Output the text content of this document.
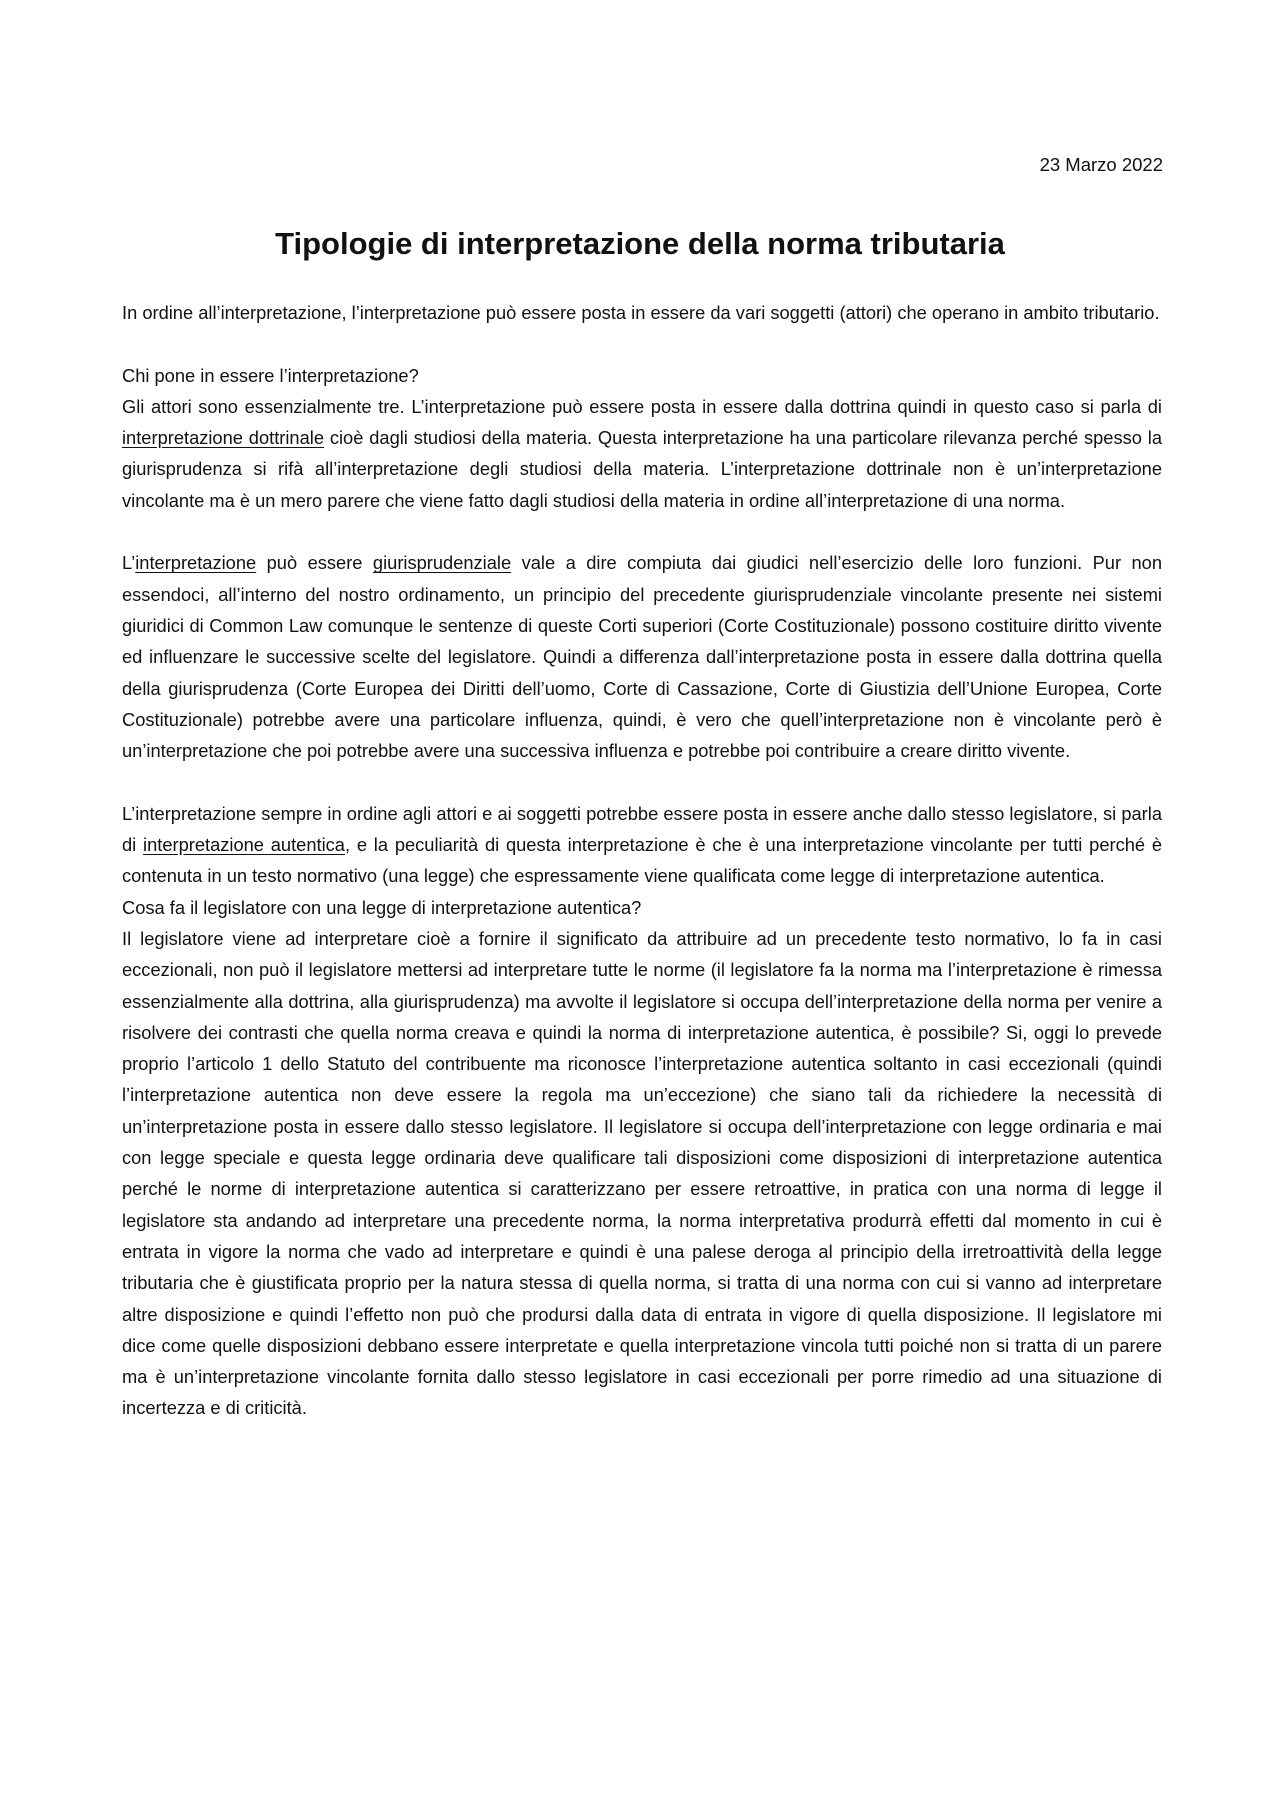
23 Marzo 2022
Tipologie di interpretazione della norma tributaria

In ordine all’interpretazione, l’interpretazione può essere posta in essere da vari soggetti (attori) che operano in ambito tributario.

Chi pone in essere l’interpretazione?

Gli attori sono essenzialmente tre. L’interpretazione può essere posta in essere dalla dottrina quindi in questo caso si parla di interpretazione dottrinale cioè dagli studiosi della materia. Questa interpretazione ha una particolare rilevanza perché spesso la giurisprudenza si rifà all’interpretazione degli studiosi della materia. L’interpretazione dottrinale non è un’interpretazione vincolante ma è un mero parere che viene fatto dagli studiosi della materia in ordine all’interpretazione di una norma.

L’interpretazione può essere giurisprudenziale vale a dire compiuta dai giudici nell’esercizio delle loro funzioni. Pur non essendoci, all’interno del nostro ordinamento, un principio del precedente giurisprudenziale vincolante presente nei sistemi giuridici di Common Law comunque le sentenze di queste Corti superiori (Corte Costituzionale) possono costituire diritto vivente ed influenzare le successive scelte del legislatore. Quindi a differenza dall’interpretazione posta in essere dalla dottrina quella della giurisprudenza (Corte Europea dei Diritti dell’uomo, Corte di Cassazione, Corte di Giustizia dell’Unione Europea, Corte Costituzionale) potrebbe avere una particolare influenza, quindi, è vero che quell’interpretazione non è vincolante però è un’interpretazione che poi potrebbe avere una successiva influenza e potrebbe poi contribuire a creare diritto vivente.

L’interpretazione sempre in ordine agli attori e ai soggetti potrebbe essere posta in essere anche dallo stesso legislatore, si parla di interpretazione autentica, e la peculiarità di questa interpretazione è che è una interpretazione vincolante per tutti perché è contenuta in un testo normativo (una legge) che espressamente viene qualificata come legge di interpretazione autentica.

Cosa fa il legislatore con una legge di interpretazione autentica?

Il legislatore viene ad interpretare cioè a fornire il significato da attribuire ad un precedente testo normativo, lo fa in casi eccezionali, non può il legislatore mettersi ad interpretare tutte le norme (il legislatore fa la norma ma l’interpretazione è rimessa essenzialmente alla dottrina, alla giurisprudenza) ma avvolte il legislatore si occupa dell’interpretazione della norma per venire a risolvere dei contrasti che quella norma creava e quindi la norma di interpretazione autentica, è possibile? Si, oggi lo prevede proprio l’articolo 1 dello Statuto del contribuente ma riconosce l’interpretazione autentica soltanto in casi eccezionali (quindi l’interpretazione autentica non deve essere la regola ma un’eccezione) che siano tali da richiedere la necessità di un’interpretazione posta in essere dallo stesso legislatore. Il legislatore si occupa dell’interpretazione con legge ordinaria e mai con legge speciale e questa legge ordinaria deve qualificare tali disposizioni come disposizioni di interpretazione autentica perché le norme di interpretazione autentica si caratterizzano per essere retroattive, in pratica con una norma di legge il legislatore sta andando ad interpretare una precedente norma, la norma interpretativa produrrà effetti dal momento in cui è entrata in vigore la norma che vado ad interpretare e quindi è una palese deroga al principio della irretroattività della legge tributaria che è giustificata proprio per la natura stessa di quella norma, si tratta di una norma con cui si vanno ad interpretare altre disposizione e quindi l’effetto non può che prodursi dalla data di entrata in vigore di quella disposizione. Il legislatore mi dice come quelle disposizioni debbano essere interpretate e quella interpretazione vincola tutti poiché non si tratta di un parere ma è un’interpretazione vincolante fornita dallo stesso legislatore in casi eccezionali per porre rimedio ad una situazione di incertezza e di criticità.
